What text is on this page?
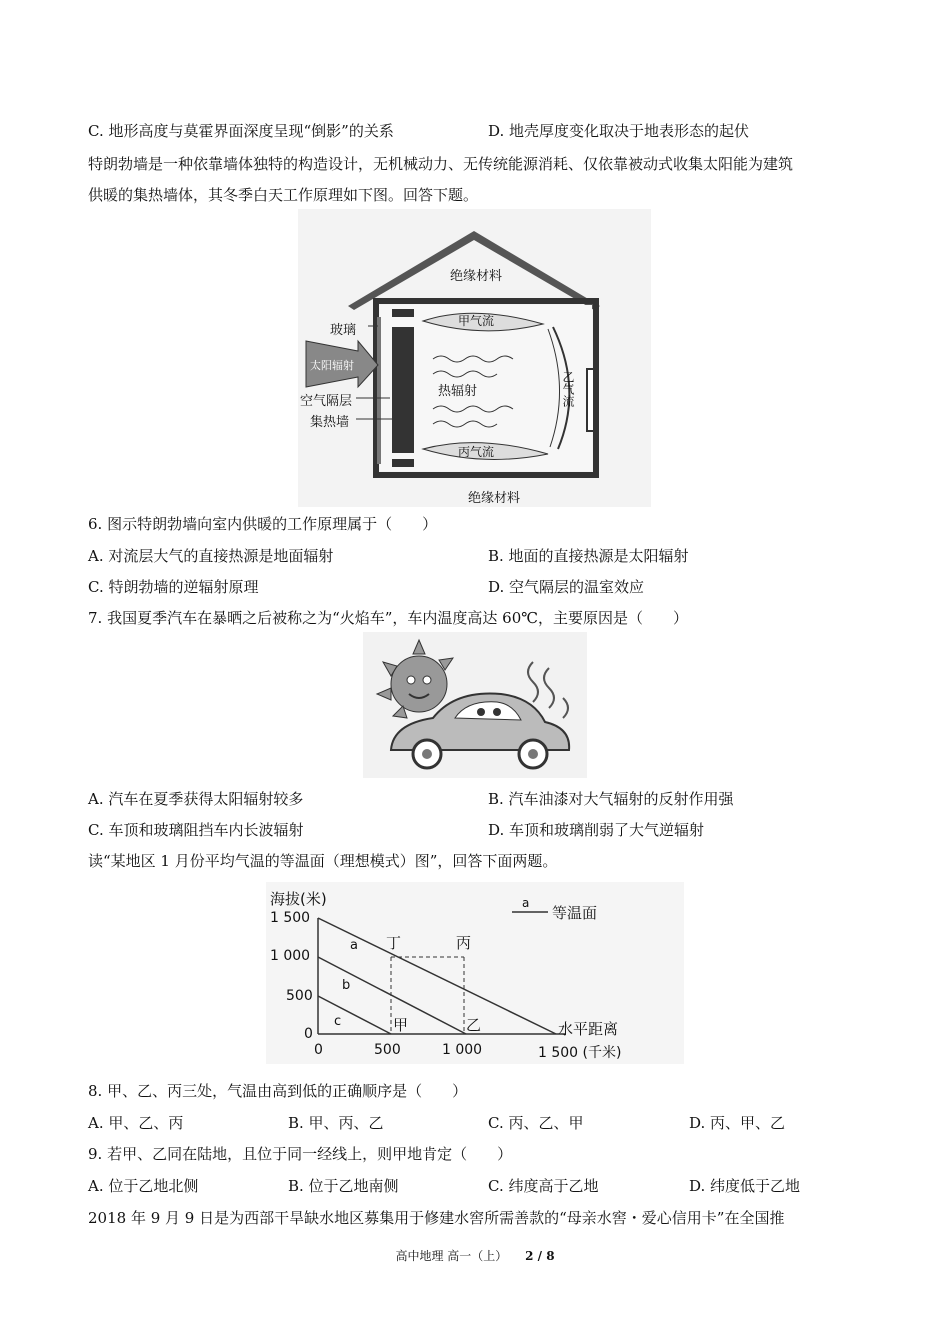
C. 地形高度与莫霍界面深度呈现“倒影”的关系	D. 地壳厚度变化取决于地表形态的起伏
特朗勃墙是一种依靠墙体独特的构造设计，无机械动力、无传统能源消耗、仅依靠被动式收集太阳能为建筑
供暖的集热墙体，其冬季白天工作原理如下图。回答下题。
绝缘材料
绝缘材料
玻璃
太阳辐射
空气隔层
集热墙
甲气流
乙气流
丙气流
热辐射
6. 图示特朗勃墙向室内供暖的工作原理属于（　　）
A. 对流层大气的直接热源是地面辐射	B. 地面的直接热源是太阳辐射
C. 特朗勃墙的逆辐射原理	D. 空气隔层的温室效应
7. 我国夏季汽车在暴晒之后被称之为“火焰车”，车内温度高达 60℃，主要原因是（　　）
A. 汽车在夏季获得太阳辐射较多	B. 汽车油漆对大气辐射的反射作用强
C. 车顶和玻璃阻挡车内长波辐射	D. 车顶和玻璃削弱了大气逆辐射
读“某地区 1 月份平均气温的等温面（理想模式）图”，回答下面两题。
海拔(米)
1 500
1 000
500
0
0	500	1 000	1 500 (千米)
水平距离
a
等温面
a
b
c	甲	乙
丙
丁
8. 甲、乙、丙三处，气温由高到低的正确顺序是（　　）
A. 甲、乙、丙	B. 甲、丙、乙	C. 丙、乙、甲	D. 丙、甲、乙
9. 若甲、乙同在陆地，且位于同一经线上，则甲地肯定（　　）
A. 位于乙地北侧	B. 位于乙地南侧	C. 纬度高于乙地	D. 纬度低于乙地
2018 年 9 月 9 日是为西部干旱缺水地区募集用于修建水窖所需善款的“母亲水窖・爱心信用卡”在全国推
高中地理 高一（上） 2 / 8
